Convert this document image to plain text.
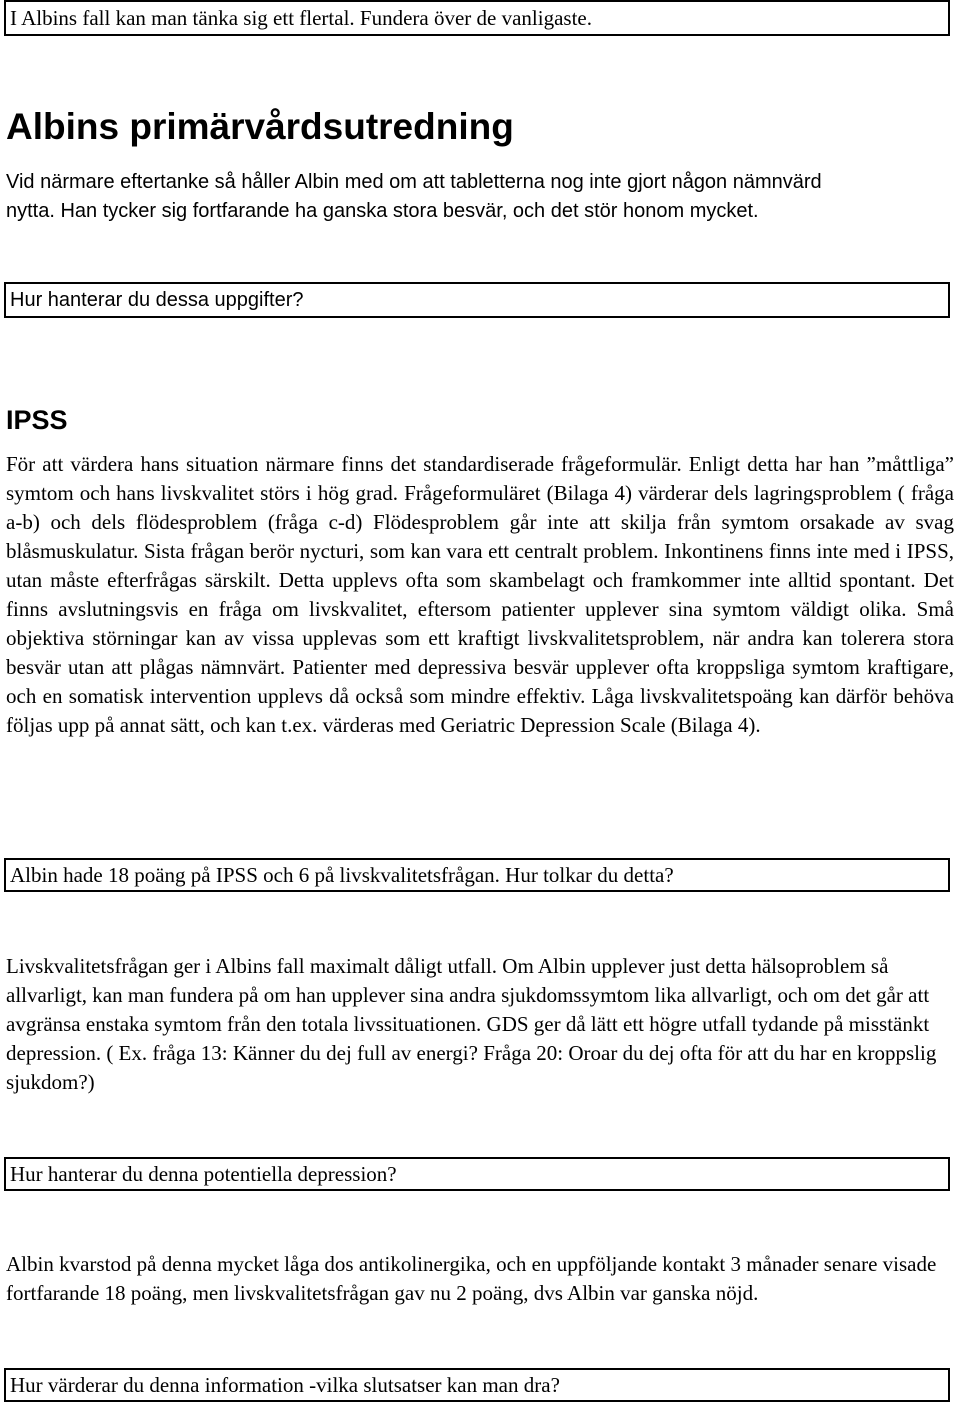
I Albins fall kan man tänka sig ett flertal. Fundera över de vanligaste.
Albins primärvårdsutredning
Vid närmare eftertanke så håller Albin med om att tabletterna nog inte gjort någon nämnvärd
nytta. Han tycker sig fortfarande ha ganska stora besvär, och det stör honom mycket.
Hur hanterar du dessa uppgifter?
IPSS

För att värdera hans situation närmare finns det standardiserade frågeformulär. Enligt detta har han ”måttliga” symtom och hans livskvalitet störs i hög grad. Frågeformuläret (Bilaga 4) värderar dels lagringsproblem ( fråga a-b) och dels flödesproblem (fråga c-d) Flödesproblem går inte att skilja från symtom orsakade av svag blåsmuskulatur. Sista frågan berör nycturi, som kan vara ett centralt problem. Inkontinens finns inte med i IPSS, utan måste efterfrågas särskilt. Detta upplevs ofta som skambelagt och framkommer inte alltid spontant. Det finns avslutningsvis en fråga om livskvalitet, eftersom patienter upplever sina symtom väldigt olika. Små objektiva störningar kan av vissa upplevas som ett kraftigt livskvalitetsproblem, när andra kan tolerera stora besvär utan att plågas nämnvärt. Patienter med depressiva besvär upplever ofta kroppsliga symtom kraftigare, och en somatisk intervention upplevs då också som mindre effektiv. Låga livskvalitetspoäng kan därför behöva följas upp på annat sätt, och kan t.ex. värderas med Geriatric Depression Scale (Bilaga 4).

Albin hade 18 poäng på IPSS och 6 på livskvalitetsfrågan. Hur tolkar du detta?

Livskvalitetsfrågan ger i Albins fall maximalt dåligt utfall. Om Albin upplever just detta hälsoproblem så allvarligt, kan man fundera på om han upplever sina andra sjukdomssymtom lika allvarligt, och om det går att avgränsa enstaka symtom från den totala livssituationen. GDS ger då lätt ett högre utfall tydande på misstänkt depression. ( Ex. fråga 13: Känner du dej full av energi? Fråga 20: Oroar du dej ofta för att du har en kroppslig sjukdom?)

Hur hanterar du denna potentiella depression?

Albin kvarstod på denna mycket låga dos antikolinergika, och en uppföljande kontakt 3 månader senare visade fortfarande 18 poäng, men livskvalitetsfrågan gav nu 2 poäng, dvs Albin var ganska nöjd.

Hur värderar du denna information -vilka slutsatser kan man dra?
